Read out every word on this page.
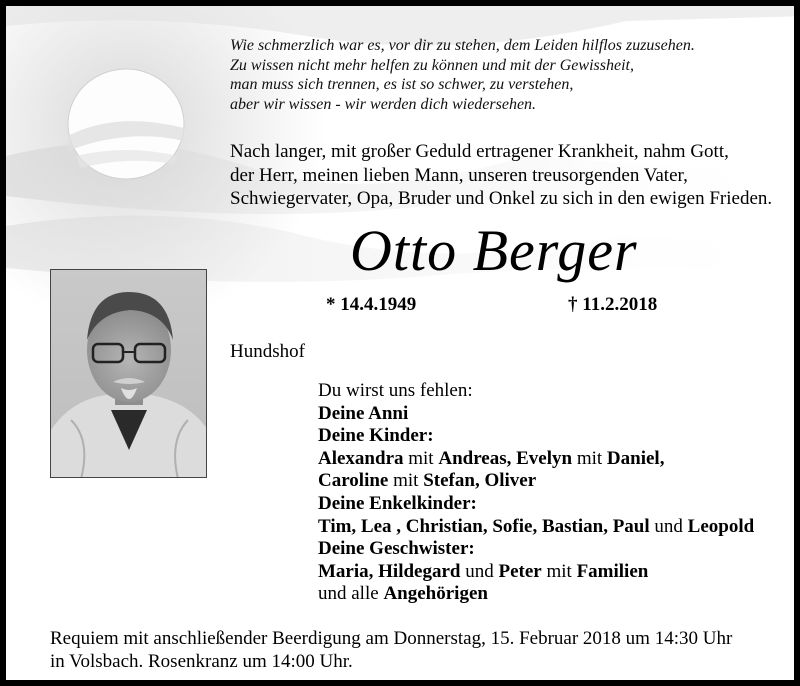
Wie schmerzlich war es, vor dir zu stehen, dem Leiden hilflos zuzusehen.
Zu wissen nicht mehr helfen zu können und mit der Gewissheit,
man muss sich trennen, es ist so schwer, zu verstehen,
aber wir wissen - wir werden dich wiedersehen.
Nach langer, mit großer Geduld ertragener Krankheit, nahm Gott,
der Herr, meinen lieben Mann, unseren treusorgenden Vater,
Schwiegervater, Opa, Bruder und Onkel zu sich in den ewigen Frieden.
Otto Berger
* 14.4.1949	† 11.2.2018
Hundshof
Du wirst uns fehlen:
Deine Anni
Deine Kinder:
Alexandra mit Andreas, Evelyn mit Daniel,
Caroline mit Stefan, Oliver
Deine Enkelkinder:
Tim, Lea , Christian, Sofie, Bastian, Paul und Leopold
Deine Geschwister:
Maria, Hildegard und Peter mit Familien
und alle Angehörigen
Requiem mit anschließender Beerdigung am Donnerstag, 15. Februar 2018 um 14:30 Uhr
in Volsbach. Rosenkranz um 14:00 Uhr.
